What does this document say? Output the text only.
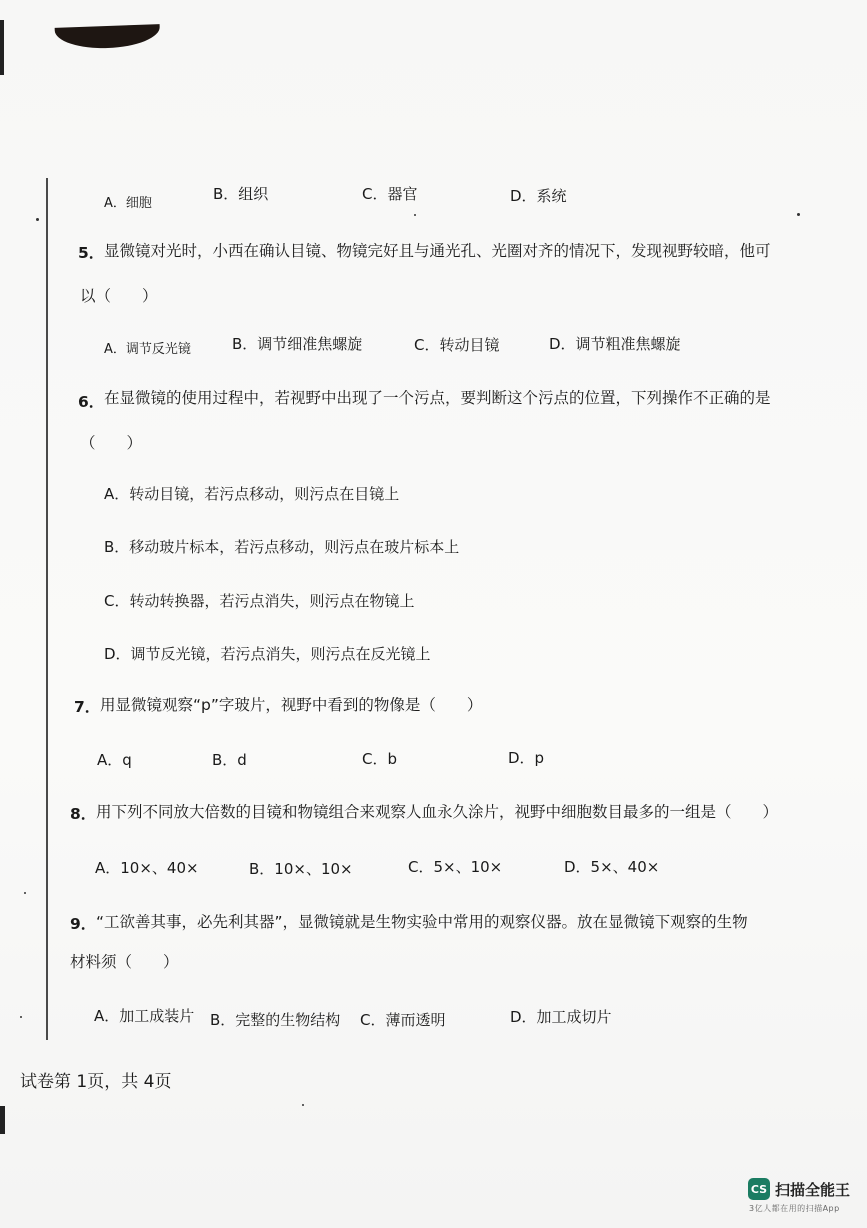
A．细胞
B．组织	C．器官	D．系统
5． 显微镜对光时，小西在确认目镜、物镜完好且与通光孔、光圈对齐的情况下，发现视野较暗，他可
以（　　）
A．调节反光镜	B．调节细准焦螺旋	C．转动目镜	D．调节粗准焦螺旋
6． 在显微镜的使用过程中，若视野中出现了一个污点，要判断这个污点的位置，下列操作不正确的是
（　　）
A．转动目镜，若污点移动，则污点在目镜上
B．移动玻片标本，若污点移动，则污点在玻片标本上
C．转动转换器，若污点消失，则污点在物镜上
D．调节反光镜，若污点消失，则污点在反光镜上
7． 用显微镜观察“p”字玻片，视野中看到的物像是（　　）
A．q	B．d	C．b	D．p
8． 用下列不同放大倍数的目镜和物镜组合来观察人血永久涂片，视野中细胞数目最多的一组是（　　）
A．10×、40×	B．10×、10×	C．5×、10×	D．5×、40×
9． “工欲善其事，必先利其器”，显微镜就是生物实验中常用的观察仪器。放在显微镜下观察的生物
材料须（　　）
A．加工成装片 B．完整的生物结构 C．薄而透明	D．加工成切片
试卷第 1页，共 4页
CS 扫描全能王
3亿人都在用的扫描App
